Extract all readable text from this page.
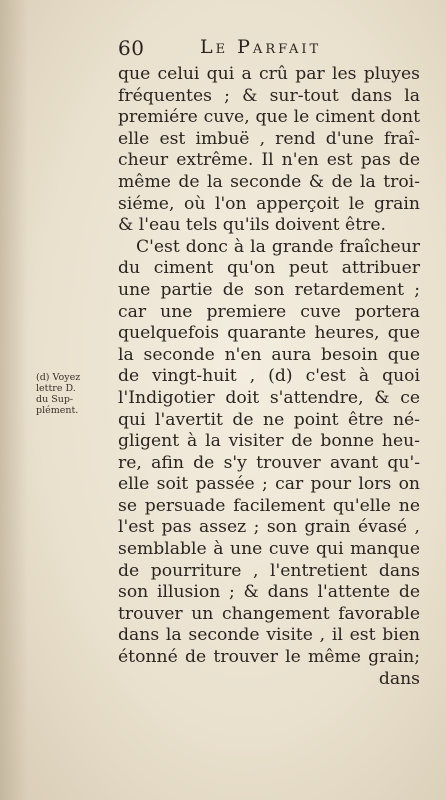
60	Le Parfait
(d) Voyez
lettre D.
du Sup-
plément.
que celui qui a crû par les pluyes
fréquentes ; & sur-tout dans la
premiére cuve, que le ciment dont
elle est imbuë , rend d'une fraî-
cheur extrême. Il n'en est pas de
même de la seconde & de la troi-
siéme, où l'on apperçoit le grain
& l'eau tels qu'ils doivent être.
C'est donc à la grande fraîcheur
du ciment qu'on peut attribuer
une partie de son retardement ;
car une premiere cuve portera
quelquefois quarante heures, que
la seconde n'en aura besoin que
de vingt-huit , (d) c'est à quoi
l'Indigotier doit s'attendre, & ce
qui l'avertit de ne point être né-
gligent à la visiter de bonne heu-
re, afin de s'y trouver avant qu'-
elle soit passée ; car pour lors on
se persuade facilement qu'elle ne
l'est pas assez ; son grain évasé ,
semblable à une cuve qui manque
de pourriture , l'entretient dans
son illusion ; & dans l'attente de
trouver un changement favorable
dans la seconde visite , il est bien
étonné de trouver le même grain;
dans
